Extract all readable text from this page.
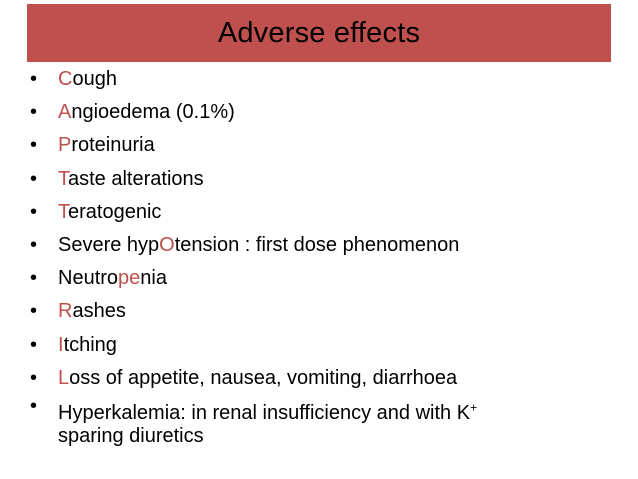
Adverse effects
• Cough
• Angioedema (0.1%)
• Proteinuria
• Taste alterations
• Teratogenic
• Severe hypOtension : first dose phenomenon
• Neutropenia
• Rashes
• Itching
• Loss of appetite, nausea, vomiting, diarrhoea
• Hyperkalemia: in renal insufficiency and with K+
sparing diuretics
